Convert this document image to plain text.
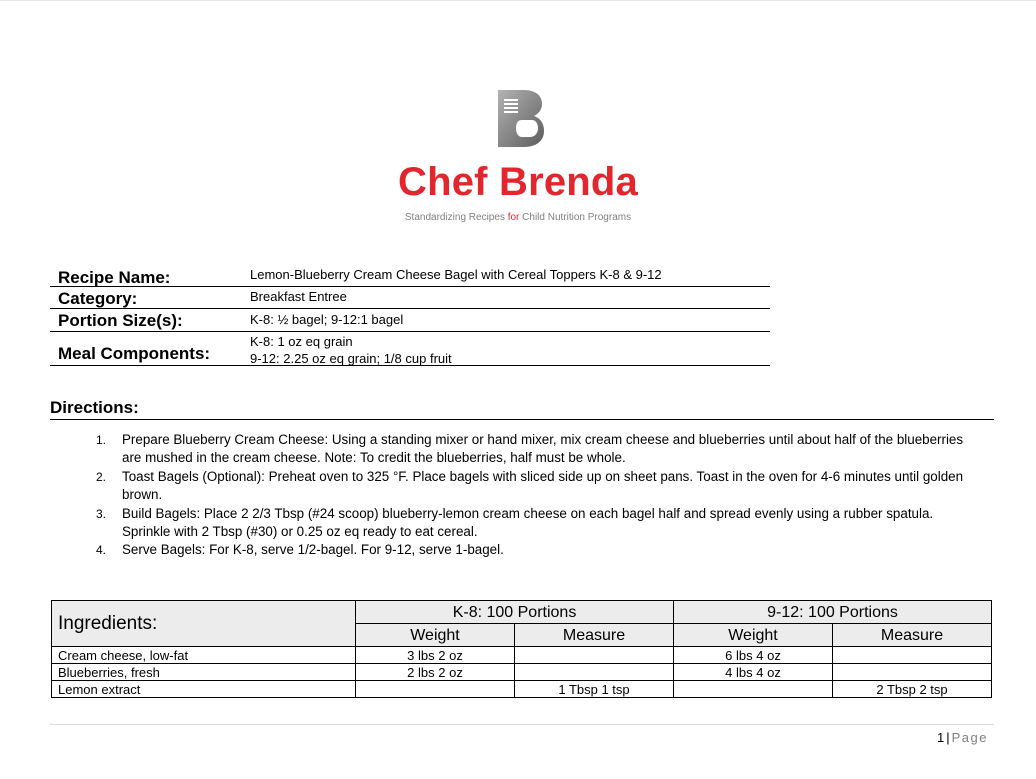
Chef Brenda
Standardizing Recipes for Child Nutrition Programs
Recipe Name:	Lemon-Blueberry Cream Cheese Bagel with Cereal Toppers K-8 & 9-12
Category:	Breakfast Entree
Portion Size(s):	K-8: ½ bagel; 9-12:1 bagel
Meal Components:
K-8: 1 oz eq grain
9-12: 2.25 oz eq grain; 1/8 cup fruit
Directions:
1. Prepare Blueberry Cream Cheese: Using a standing mixer or hand mixer, mix cream cheese and blueberries until about half of the blueberries are mushed in the cream cheese. Note: To credit the blueberries, half must be whole.
2. Toast Bagels (Optional): Preheat oven to 325 °F. Place bagels with sliced side up on sheet pans. Toast in the oven for 4-6 minutes until golden brown.
3. Build Bagels: Place 2 2/3 Tbsp (#24 scoop) blueberry-lemon cream cheese on each bagel half and spread evenly using a rubber spatula. Sprinkle with 2 Tbsp (#30) or 0.25 oz eq ready to eat cereal.
4. Serve Bagels: For K-8, serve 1/2-bagel. For 9-12, serve 1-bagel.
Ingredients:	K-8: 100 Portions		9-12: 100 Portions	
	Weight	Measure	Weight	Measure
Cream cheese, low-fat	3 lbs 2 oz		6 lbs 4 oz	
Blueberries, fresh	2 lbs 2 oz		4 lbs 4 oz	
Lemon extract		1 Tbsp 1 tsp		2 Tbsp 2 tsp
1 | Page
